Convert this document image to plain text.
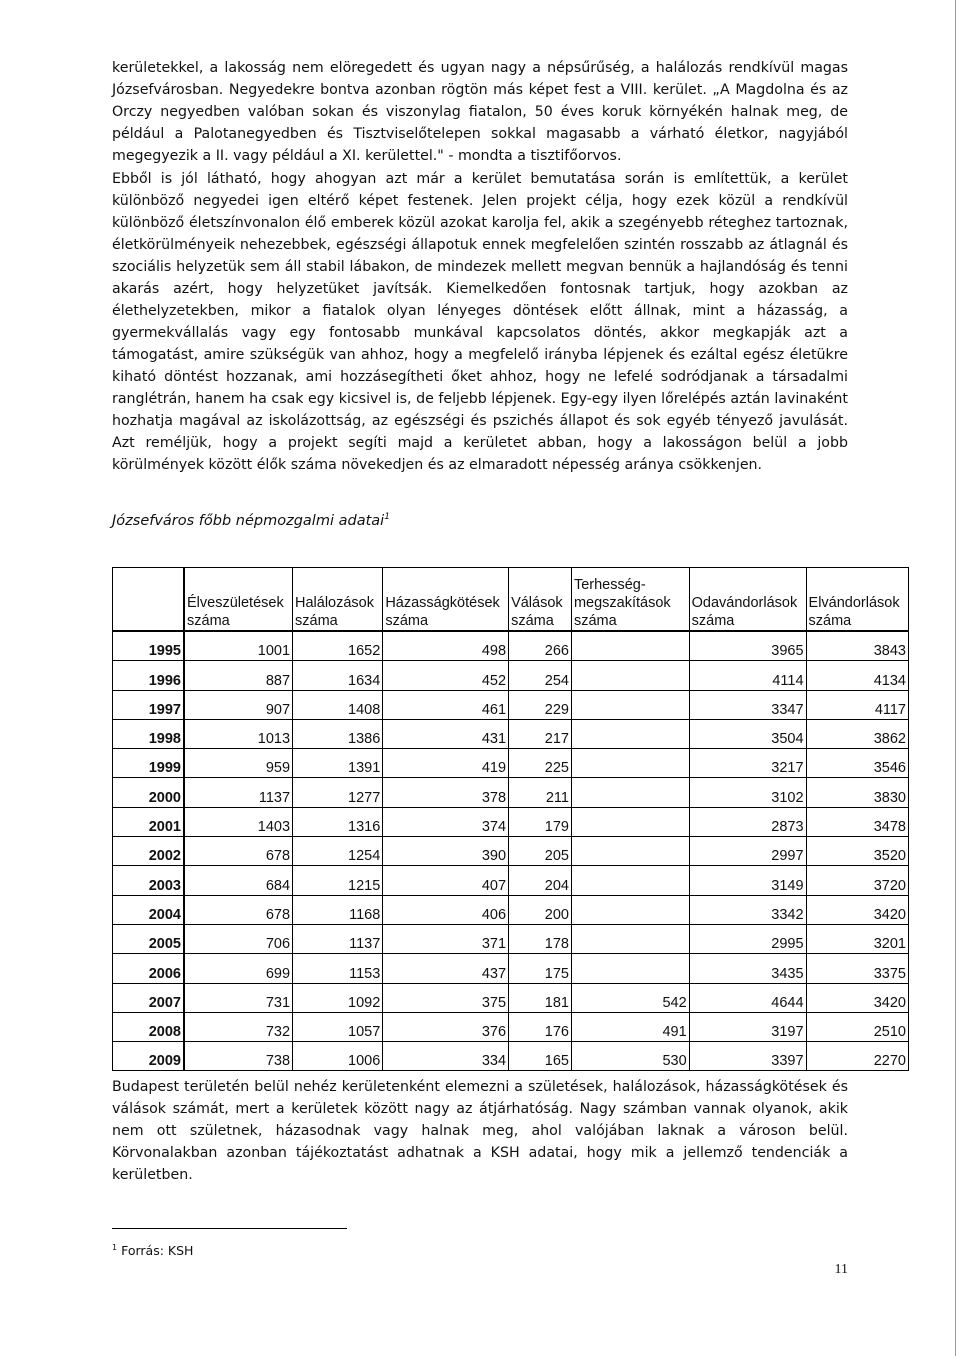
kerületekkel, a lakosság nem elöregedett és ugyan nagy a népsűrűség, a halálozás rendkívül magas Józsefvárosban. Negyedekre bontva azonban rögtön más képet fest a VIII. kerület. „A Magdolna és az Orczy negyedben valóban sokan és viszonylag fiatalon, 50 éves koruk környékén halnak meg, de például a Palotanegyedben és Tisztviselőtelepen sokkal magasabb a várható életkor, nagyjából megegyezik a II. vagy például a XI. kerülettel." - mondta a tisztifőorvos.

Ebből is jól látható, hogy ahogyan azt már a kerület bemutatása során is említettük, a kerület különböző negyedei igen eltérő képet festenek. Jelen projekt célja, hogy ezek közül a rendkívül különböző életszínvonalon élő emberek közül azokat karolja fel, akik a szegényebb réteghez tartoznak, életkörülményeik nehezebbek, egészségi állapotuk ennek megfelelően szintén rosszabb az átlagnál és szociális helyzetük sem áll stabil lábakon, de mindezek mellett megvan bennük a hajlandóság és tenni akarás azért, hogy helyzetüket javítsák. Kiemelkedően fontosnak tartjuk, hogy azokban az élethelyzetekben, mikor a fiatalok olyan lényeges döntések előtt állnak, mint a házasság, a gyermekvállalás vagy egy fontosabb munkával kapcsolatos döntés, akkor megkapják azt a támogatást, amire szükségük van ahhoz, hogy a megfelelő irányba lépjenek és ezáltal egész életükre kiható döntést hozzanak, ami hozzásegítheti őket ahhoz, hogy ne lefelé sodródjanak a társadalmi ranglétrán, hanem ha csak egy kicsivel is, de feljebb lépjenek. Egy-egy ilyen lőrelépés aztán lavinaként hozhatja magával az iskolázottság, az egészségi és pszichés állapot és sok egyéb tényező javulását. Azt reméljük, hogy a projekt segíti majd a kerületet abban, hogy a lakosságon belül a jobb körülmények között élők száma növekedjen és az elmaradott népesség aránya csökkenjen.

Józsefváros főbb népmozgalmi adatai$^1$

	Élveszületések száma	Halálozások száma	Házasságkötések száma	Válások száma	Terhesség-megszakítások száma	Odavándorlások száma	Elvándorlások száma
1995	1001	1652	498	266		3965	3843
1996	887	1634	452	254		4114	4134
1997	907	1408	461	229		3347	4117
1998	1013	1386	431	217		3504	3862
1999	959	1391	419	225		3217	3546
2000	1137	1277	378	211		3102	3830
2001	1403	1316	374	179		2873	3478
2002	678	1254	390	205		2997	3520
2003	684	1215	407	204		3149	3720
2004	678	1168	406	200		3342	3420
2005	706	1137	371	178		2995	3201
2006	699	1153	437	175		3435	3375
2007	731	1092	375	181	542	4644	3420
2008	732	1057	376	176	491	3197	2510
2009	738	1006	334	165	530	3397	2270

Budapest területén belül nehéz kerületenként elemezni a születések, halálozások, házasságkötések és válások számát, mert a kerületek között nagy az átjárhatóság. Nagy számban vannak olyanok, akik nem ott születnek, házasodnak vagy halnak meg, ahol valójában laknak a városon belül. Körvonalakban azonban tájékoztatást adhatnak a KSH adatai, hogy mik a jellemző tendenciák a kerületben.

$^1$ Forrás: KSH

11
